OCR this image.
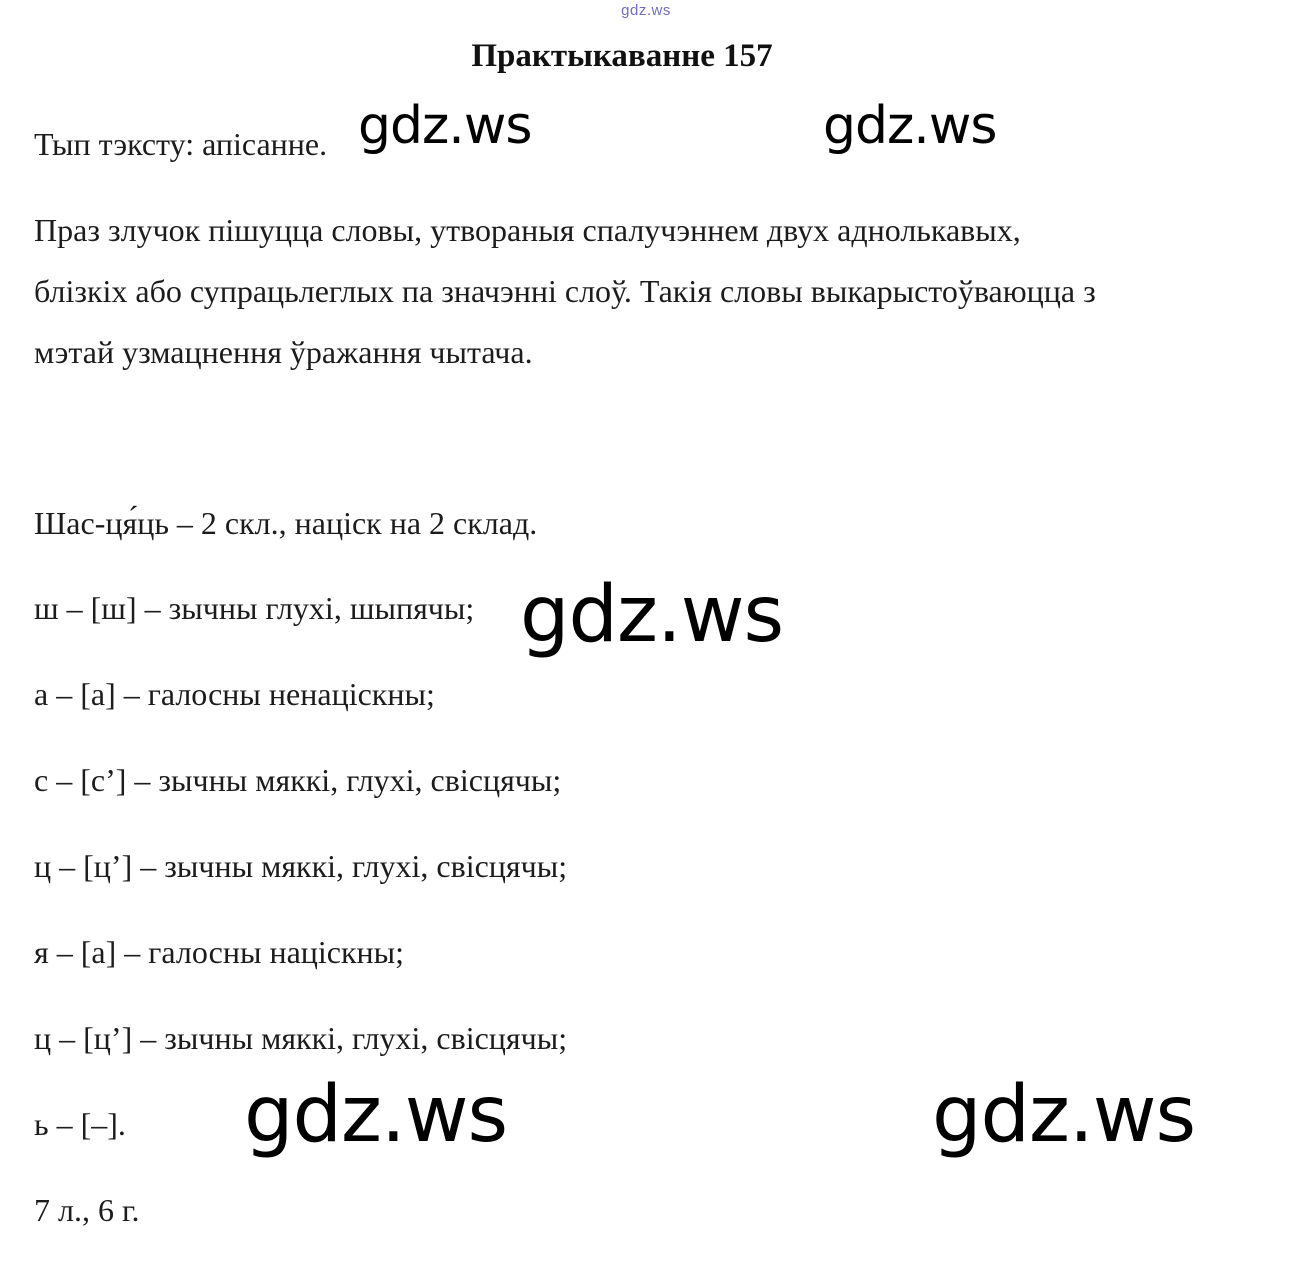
gdz.ws
Практыкаванне 157
Тып тэксту: апісанне.
Праз злучок пішуцца словы, утвораныя спалучэннем двух аднолькавых,
блізкіх або супрацьлеглых па значэнні слоў. Такія словы выкарыстоўваюцца з
мэтай узмацнення ўражання чытача.
Шас-ця́ць – 2 скл., націск на 2 склад.
ш – [ш] – зычны глухі, шыпячы;
а – [а] – галосны ненаціскны;
с – [с’] – зычны мяккі, глухі, свісцячы;
ц – [ц’] – зычны мяккі, глухі, свісцячы;
я – [а] – галосны націскны;
ц – [ц’] – зычны мяккі, глухі, свісцячы;
ь – [–].
7 л., 6 г.
gdz.ws	gdz.ws
gdz.ws
gdz.ws	gdz.ws
